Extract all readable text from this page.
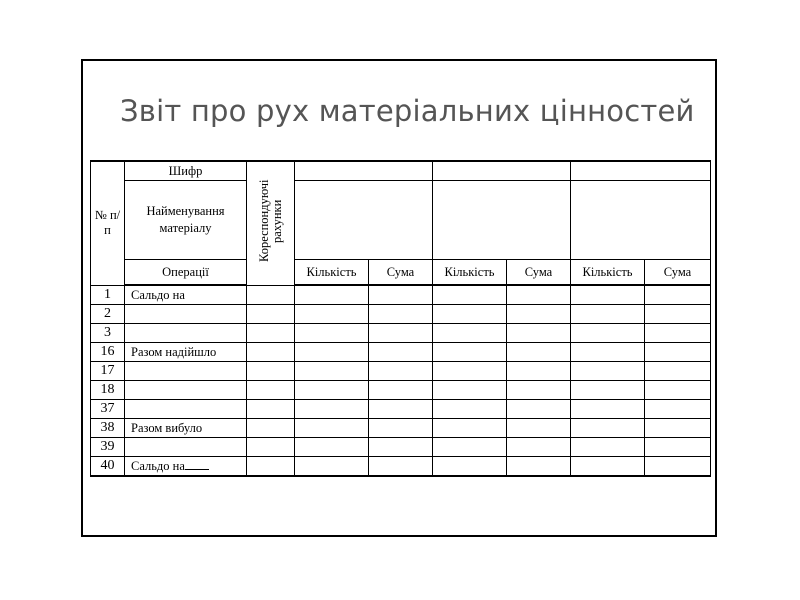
Звіт про рух матеріальних цінностей
№ п/п	Шифр	Кореспондуючі рахунки						
	Найменування матеріалу							
	Операції		Кількість	Сума	Кількість	Сума	Кількість	Сума
1	Сальдо на							
2								
3								
16	Разом надійшло							
17								
18								
37								
38	Разом вибуло							
39								
40	Сальдо на							
